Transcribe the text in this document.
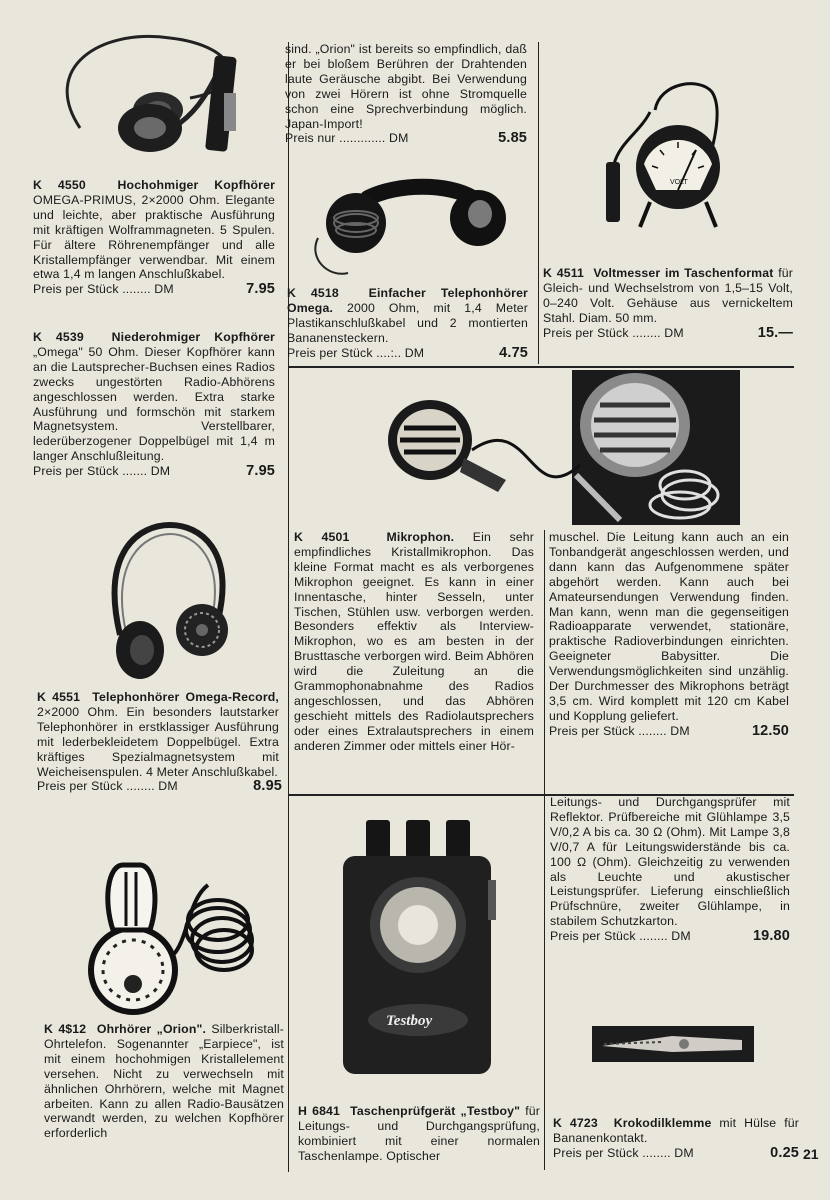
K 4550	Hochohmiger Kopfhörer OMEGA-PRIMUS, 2×2000 Ohm. Elegante und leichte, aber praktische Ausführung mit kräftigen Wolframmagneten. 5 Spulen. Für ältere Röhrenempfänger und alle Kristallempfänger verwendbar. Mit einem etwa 1,4 m langen Anschlußkabel.
Preis per Stück ........ DM	7.95
K 4539 Niederohmiger Kopfhörer „Omega" 50 Ohm. Dieser Kopfhörer kann an die Lautsprecher-Buchsen eines Radios zwecks ungestörten Radio-Abhörens angeschlossen werden. Extra starke Ausführung und formschön mit starkem Magnetsystem. Verstellbarer, lederüberzogener Doppelbügel mit 1,4 m langer Anschlußleitung.
Preis per Stück ....... DM	7.95
K 4551 Telephonhörer Omega-Record, 2×2000 Ohm. Ein besonders lautstarker Telephonhörer in erstklassiger Ausführung mit lederbekleidetem Doppelbügel. Extra kräftiges Spezialmagnetsystem mit Weicheisenspulen. 4 Meter Anschlußkabel.
Preis per Stück ........ DM	8.95
K 4$12 Ohrhörer „Orion". Silberkristall-Ohrtelefon. Sogenannter „Earpiece", ist mit einem hochohmigen Kristallelement versehen. Nicht zu verwechseln mit ähnlichen Ohrhörern, welche mit Magnet arbeiten. Kann zu allen Radio-Bausätzen verwandt werden, zu welchen Kopfhörer erforderlich
sind. „Orion" ist bereits so empfindlich, daß er bei bloßem Berühren der Drahtenden laute Geräusche abgibt. Bei Verwendung von zwei Hörern ist ohne Stromquelle schon eine Sprechverbindung möglich. Japan-Import!
Preis nur ............. DM	5.85
K 4518 Einfacher Telephonhörer Omega. 2000 Ohm, mit 1,4 Meter Plastikanschlußkabel und 2 montierten Bananensteckern.
Preis per Stück ....:.. DM	4.75
VOLT
K 4511 Voltmesser im Taschenformat für Gleich- und Wechselstrom von 1,5–15 Volt, 0–240 Volt. Gehäuse aus vernickeltem Stahl. Diam. 50 mm.
Preis per Stück ........ DM	15.—
K 4501	Mikrophon. Ein sehr empfindliches Kristallmikrophon. Das kleine Format macht es als verborgenes Mikrophon geeignet. Es kann in einer Innentasche, hinter Sesseln, unter Tischen, Stühlen usw. verborgen werden. Besonders effektiv als Interview-Mikrophon, wo es am besten in der Brusttasche verborgen wird. Beim Abhören wird die Zuleitung an die Grammophonabnahme des Radios angeschlossen, und das Abhören geschieht mittels des Radiolautsprechers oder eines Extralautsprechers in einem anderen Zimmer oder mittels einer Hör-
muschel. Die Leitung kann auch an ein Tonbandgerät angeschlossen werden, und dann kann das Aufgenommene später abgehört werden. Kann auch bei Amateursendungen Verwendung finden. Man kann, wenn man die gegenseitigen Radioapparate verwendet, stationäre, praktische Radioverbindungen einrichten. Geeigneter Babysitter. Die Verwendungsmöglichkeiten sind unzählig. Der Durchmesser des Mikrophons beträgt 3,5 cm. Wird komplett mit 120 cm Kabel und Kopplung geliefert.
Preis per Stück ........ DM	12.50
Testboy
H 6841 Taschenprüfgerät „Testboy" für Leitungs- und Durchgangsprüfung, kombiniert mit einer normalen Taschenlampe. Optischer
Leitungs- und Durchgangsprüfer mit Reflektor. Prüfbereiche mit Glühlampe 3,5 V/0,2 A bis ca. 30 Ω (Ohm). Mit Lampe 3,8 V/0,7 A für Leitungswiderstände bis ca. 100 Ω (Ohm). Gleichzeitig zu verwenden als Leuchte und akustischer Leistungsprüfer. Lieferung einschließlich Prüfschnüre, zweiter Glühlampe, in stabilem Schutzkarton.
Preis per Stück ........ DM	19.80
K 4723 Krokodilklemme mit Hülse für Bananenkontakt.
Preis per Stück ........ DM	0.25 21
